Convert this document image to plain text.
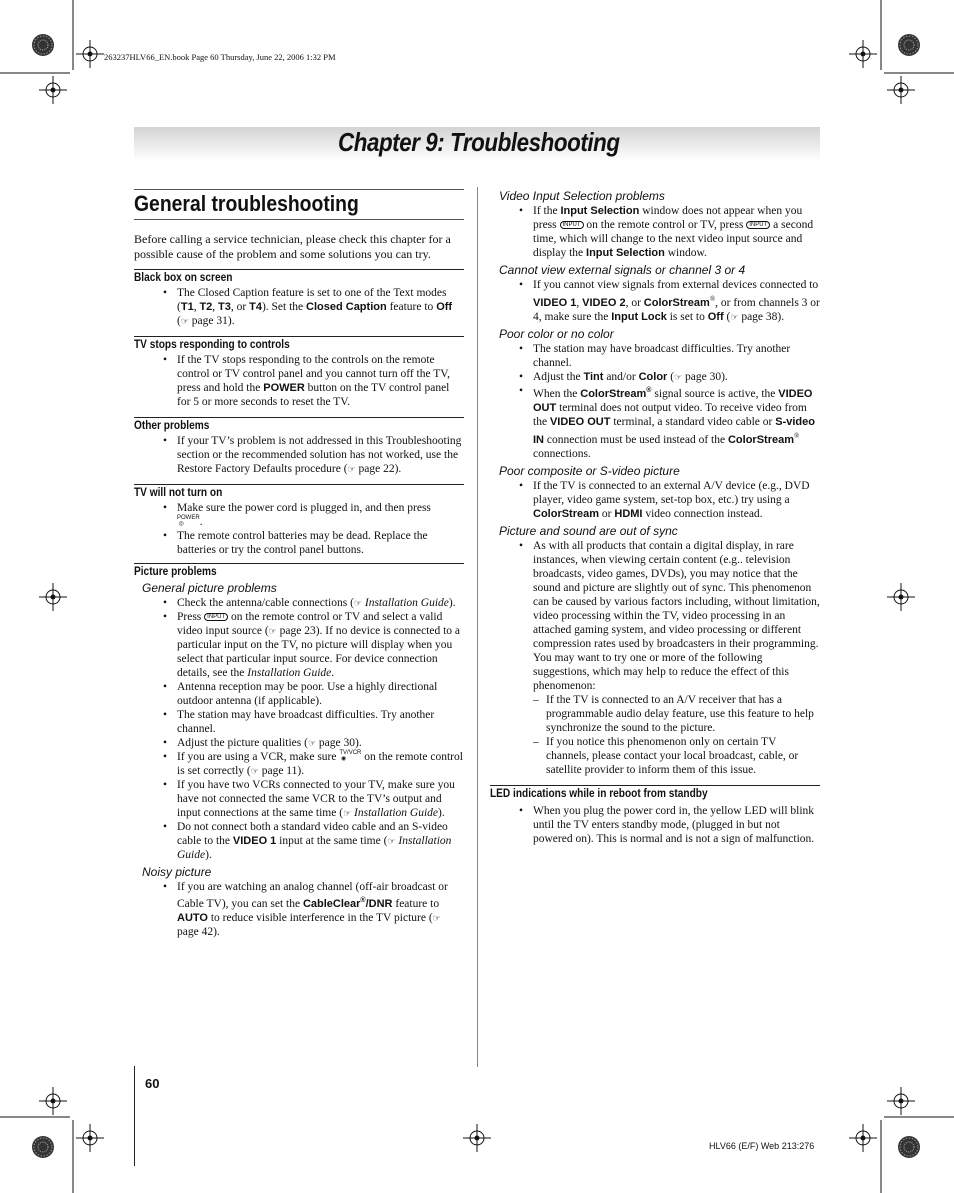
263237HLV66_EN.book Page 60 Thursday, June 22, 2006 1:32 PM
Chapter 9: Troubleshooting
General troubleshooting

Before calling a service technician, please check this chapter for a possible cause of the problem and some solutions you can try.

Black box on screen
• The Closed Caption feature is set to one of the Text modes (T1, T2, T3, or T4). Set the Closed Caption feature to Off (☞ page 31).
TV stops responding to controls
• If the TV stops responding to the controls on the remote control or TV control panel and you cannot turn off the TV, press and hold the POWER button on the TV control panel for 5 or more seconds to reset the TV.
Other problems
• If your TV’s problem is not addressed in this Troubleshooting section or the recommended solution has not worked, use the Restore Factory Defaults procedure (☞ page 22).
TV will not turn on
• Make sure the power cord is plugged in, and then press
POWER
◎ .
• The remote control batteries may be dead. Replace the batteries or try the control panel buttons.
Picture problems
General picture problems
• Check the antenna/cable connections (☞ Installation Guide).
• Press INPUT on the remote control or TV and select a valid video input source (☞ page 23). If no device is connected to a particular input on the TV, no picture will display when you select that particular input source. For device connection details, see the Installation Guide.
• Antenna reception may be poor. Use a highly directional outdoor antenna (if applicable).
• The station may have broadcast difficulties. Try another channel.
• Adjust the picture qualities (☞ page 30).
• If you are using a VCR, make sure TV/VCR
◉ on the remote control is set correctly (☞ page 11).
• If you have two VCRs connected to your TV, make sure you have not connected the same VCR to the TV’s output and input connections at the same time (☞ Installation Guide).
• Do not connect both a standard video cable and an S-video cable to the VIDEO 1 input at the same time (☞ Installation Guide).
Noisy picture
• If you are watching an analog channel (off-air broadcast or Cable TV), you can set the CableClear®/DNR feature to AUTO to reduce visible interference in the TV picture (☞ page 42).
Video Input Selection problems
• If the Input Selection window does not appear when you press INPUT on the remote control or TV, press INPUT a second time, which will change to the next video input source and display the Input Selection window.
Cannot view external signals or channel 3 or 4
• If you cannot view signals from external devices connected to VIDEO 1, VIDEO 2, or ColorStream®, or from channels 3 or 4, make sure the Input Lock is set to Off (☞ page 38).
Poor color or no color
• The station may have broadcast difficulties. Try another channel.
• Adjust the Tint and/or Color (☞ page 30).
• When the ColorStream® signal source is active, the VIDEO OUT terminal does not output video. To receive video from the VIDEO OUT terminal, a standard video cable or S-video IN connection must be used instead of the ColorStream® connections.
Poor composite or S-video picture
• If the TV is connected to an external A/V device (e.g., DVD player, video game system, set-top box, etc.) try using a ColorStream or HDMI video connection instead.
Picture and sound are out of sync
• As with all products that contain a digital display, in rare instances, when viewing certain content (e.g.. television broadcasts, video games, DVDs), you may notice that the sound and picture are slightly out of sync. This phenomenon can be caused by various factors including, without limitation, video processing within the TV, video processing in an attached gaming system, and video processing or different compression rates used by broadcasters in their programming. You may want to try one or more of the following suggestions, which may help to reduce the effect of this phenomenon:
– If the TV is connected to an A/V receiver that has a programmable audio delay feature, use this feature to help synchronize the sound to the picture.
– If you notice this phenomenon only on certain TV channels, please contact your local broadcast, cable, or satellite provider to inform them of this issue.
LED indications while in reboot from standby
• When you plug the power cord in, the yellow LED will blink until the TV enters standby mode, (plugged in but not powered on). This is normal and is not a sign of malfunction.
60
HLV66 (E/F) Web 213:276
